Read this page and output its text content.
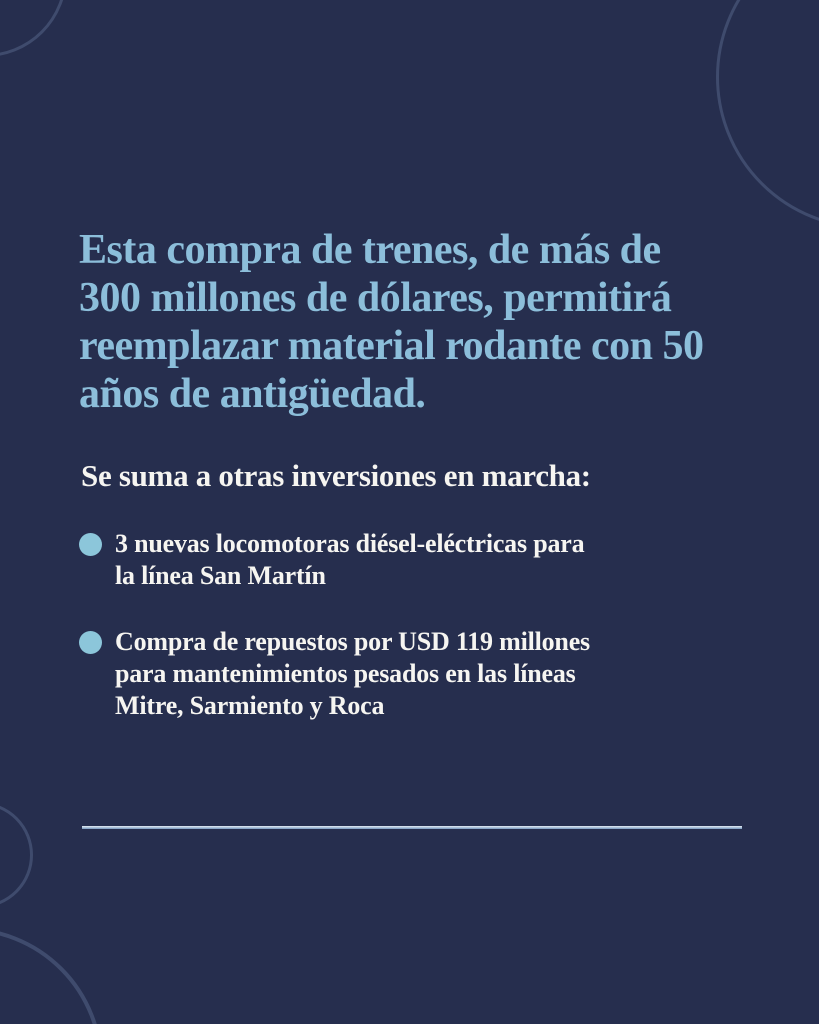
Esta compra de trenes, de más de
300 millones de dólares, permitirá
reemplazar material rodante con 50
años de antigüedad.
Se suma a otras inversiones en marcha:
3 nuevas locomotoras diésel-eléctricas para
la línea San Martín
Compra de repuestos por USD 119 millones
para mantenimientos pesados en las líneas
Mitre, Sarmiento y Roca
